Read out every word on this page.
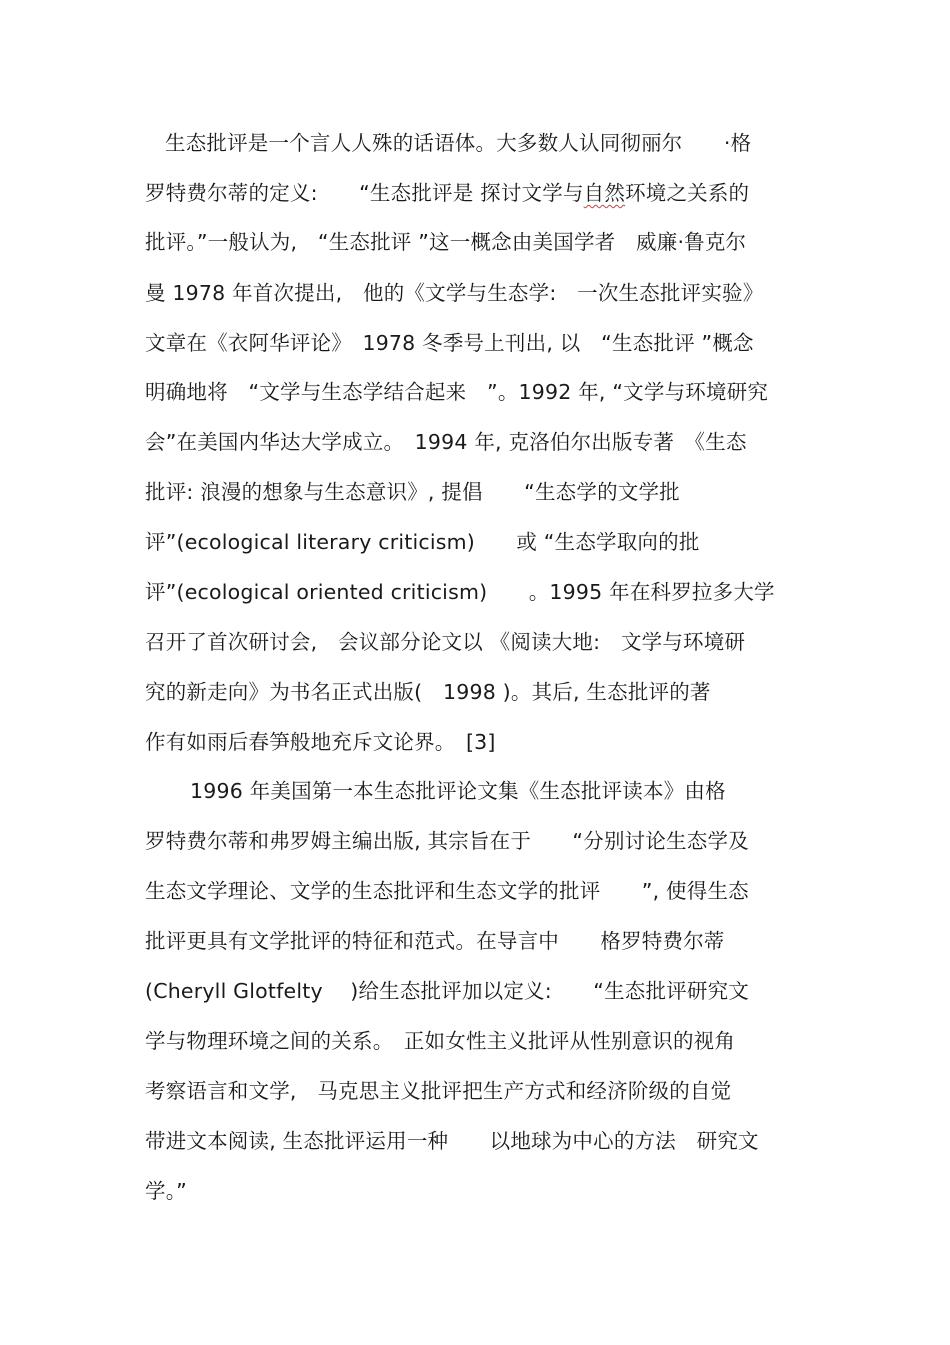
生态批评是一个言人人殊的话语体。大多数人认同彻丽尔　　·格
罗特费尔蒂的定义:　　“生态批评是 探讨文学与自然环境之关系的
批评。”一般认为,　“生态批评 ”这一概念由美国学者　威廉·鲁克尔
曼 1978 年首次提出,　他的《文学与生态学:　一次生态批评实验》
文章在《衣阿华评论》　1978 冬季号上刊出, 以　“生态批评 ”概念
明确地将　“文学与生态学结合起来　”。1992 年, “文学与环境研究
会”在美国内华达大学成立。　1994 年, 克洛伯尔出版专著　《生态
批评: 浪漫的想象与生态意识》, 提倡　　“生态学的文学批
评”(ecological literary criticism)　　或 “生态学取向的批
评”(ecological oriented criticism)　　。1995 年在科罗拉多大学
召开了首次研讨会,　会议部分论文以 《阅读大地:　文学与环境研
究的新走向》为书名正式出版(　1998 )。其后, 生态批评的著
作有如雨后春笋般地充斥文论界。　[3]
1996 年美国第一本生态批评论文集《生态批评读本》由格
罗特费尔蒂和弗罗姆主编出版, 其宗旨在于　　“分别讨论生态学及
生态文学理论、文学的生态批评和生态文学的批评　　”, 使得生态
批评更具有文学批评的特征和范式。在导言中　　格罗特费尔蒂
(Cheryll Glotfelty　 )给生态批评加以定义:　　“生态批评研究文
学与物理环境之间的关系。　正如女性主义批评从性别意识的视角
考察语言和文学,　马克思主义批评把生产方式和经济阶级的自觉
带进文本阅读, 生态批评运用一种　　以地球为中心的方法　研究文
学。”
